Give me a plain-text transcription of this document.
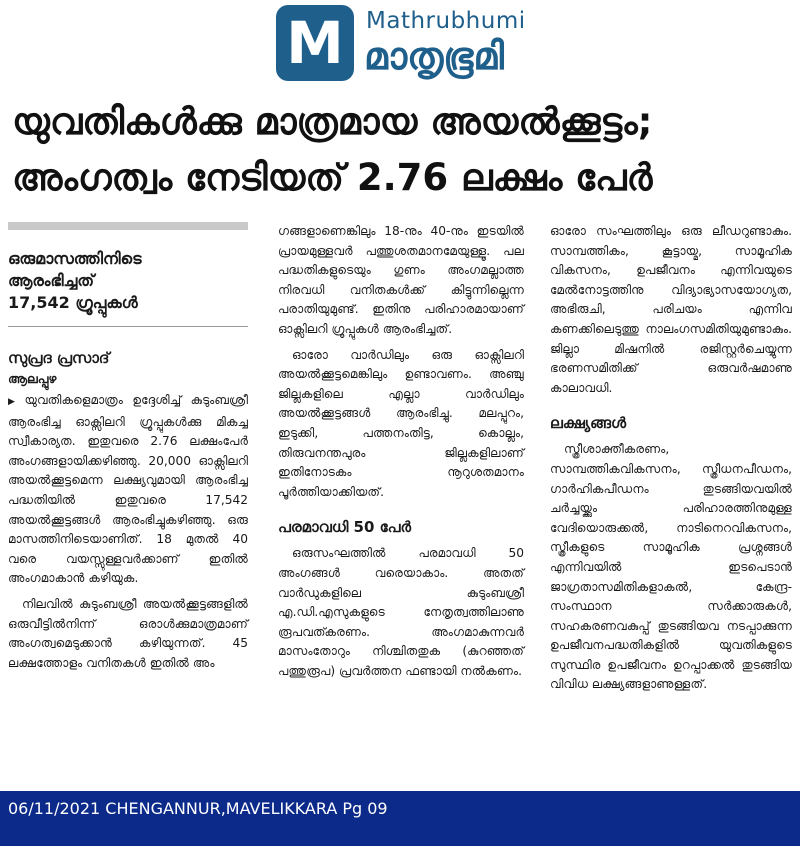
M Mathrubhumi
മാതൃഭൂമി
യുവതികൾക്കു മാത്രമായ അയൽക്കൂട്ടം;
അംഗത്വം നേടിയത് 2.76 ലക്ഷം പേർ
ഒരുമാസത്തിനിടെ
ആരംഭിച്ചത്
17,542 ഗ്രൂപ്പുകൾ
സുപ്രദ പ്രസാദ്
ആലപ്പുഴ

▶ യുവതികളെമാത്രം ഉദ്ദേശിച്ച് കുടുംബശ്രീ ആരംഭിച്ച ഓക്സിലറി ഗ്രൂപ്പുകൾക്കു മികച്ച സ്വീകാര്യത. ഇതുവരെ 2.76 ലക്ഷംപേർ അംഗങ്ങളായിക്കഴിഞ്ഞു. 20,000 ഓക്സിലറി അയൽക്കൂട്ടമെന്ന ലക്ഷ്യവുമായി ആരംഭിച്ച പദ്ധതിയിൽ ഇതുവരെ 17,542 അയൽക്കൂട്ടങ്ങൾ ആരംഭിച്ചുകഴിഞ്ഞു. ഒരു മാസത്തിനിടെയാണിത്. 18 മുതൽ 40 വരെ വയസ്സുള്ളവർക്കാണ് ഇതിൽ അംഗമാകാൻ കഴിയുക.

നിലവിൽ കുടുംബശ്രീ അയൽക്കൂട്ടങ്ങളിൽ ഒരുവീട്ടിൽനിന്ന് ഒരാൾക്കുമാത്രമാണ് അംഗത്വമെടുക്കാൻ കഴിയുന്നത്. 45 ലക്ഷത്തോളം വനിതകൾ ഇതിൽ അം

ഗങ്ങളാണെങ്കിലും 18-നും 40-നും ഇടയിൽ പ്രായമുള്ളവർ പത്തുശതമാനമേയുള്ളൂ. പല പദ്ധതികളുടെയും ഗുണം അംഗമല്ലാത്ത നിരവധി വനിതകൾക്ക് കിട്ടുന്നില്ലെന്ന പരാതിയുമുണ്ട്. ഇതിനു പരിഹാരമായാണ് ഓക്സിലറി ഗ്രൂപ്പുകൾ ആരംഭിച്ചത്.

ഓരോ വാർഡിലും ഒരു ഓക്സിലറി അയൽക്കൂട്ടമെങ്കിലും ഉണ്ടാവണം. അഞ്ചു ജില്ലകളിലെ എല്ലാ വാർഡിലും അയൽക്കൂട്ടങ്ങൾ ആരംഭിച്ചു. മലപ്പുറം, ഇടുക്കി, പത്തനംതിട്ട, കൊല്ലം, തിരുവനന്തപുരം ജില്ലകളിലാണ് ഇതിനോടകം നൂറുശതമാനം പൂർത്തിയാക്കിയത്.

പരമാവധി 50 പേർ

ഒരുസംഘത്തിൽ പരമാവധി 50 അംഗങ്ങൾ വരെയാകാം. അതത് വാർഡുകളിലെ കുടുംബശ്രീ എ.ഡി.എസുകളുടെ നേതൃത്വത്തിലാണു രൂപവത്കരണം. അംഗമാകുന്നവർ മാസംതോറും നിശ്ചിതതുക (കുറഞ്ഞത് പത്തുരൂപ) പ്രവർത്തന ഫണ്ടായി നൽകണം.

ഓരോ സംഘത്തിലും ഒരു ലീഡറുണ്ടാകും. സാമ്പത്തികം, കൂട്ടായ്മ, സാമൂഹിക വികസനം, ഉപജീവനം എന്നിവയുടെ മേൽനോട്ടത്തിനു വിദ്യാഭ്യാസയോഗ്യത, അഭിരുചി, പരിചയം എന്നിവ കണക്കിലെടുത്തു നാലംഗസമിതിയുമുണ്ടാകും. ജില്ലാ മിഷനിൽ രജിസ്റ്റർചെയ്യുന്ന ഭരണസമിതിക്ക് ഒരുവർഷമാണു കാലാവധി.

ലക്ഷ്യങ്ങൾ

സ്ത്രീശാക്തീകരണം, സാമ്പത്തികവികസനം, സ്ത്രീധനപീഡനം, ഗാർഹികപീഡനം തുടങ്ങിയവയിൽ ചർച്ചയ്ക്കും പരിഹാരത്തിനുമുള്ള വേദിയൊരുക്കൽ, നാടിനെറവികസനം, സ്ത്രീകളുടെ സാമൂഹിക പ്രശ്നങ്ങൾ എന്നിവയിൽ ഇടപെടാൻ ജാഗ്രതാസമിതികളാകൽ, കേന്ദ്ര-സംസ്ഥാന സർക്കാരുകൾ, സഹകരണവകുപ്പ് തുടങ്ങിയവ നടപ്പാക്കുന്ന ഉപജീവനപദ്ധതികളിൽ യുവതികളുടെ സുസ്ഥിര ഉപജീവനം ഉറപ്പാക്കൽ തുടങ്ങിയ വിവിധ ലക്ഷ്യങ്ങളാണുള്ളത്.

06/11/2021 CHENGANNUR,MAVELIKKARA Pg 09
